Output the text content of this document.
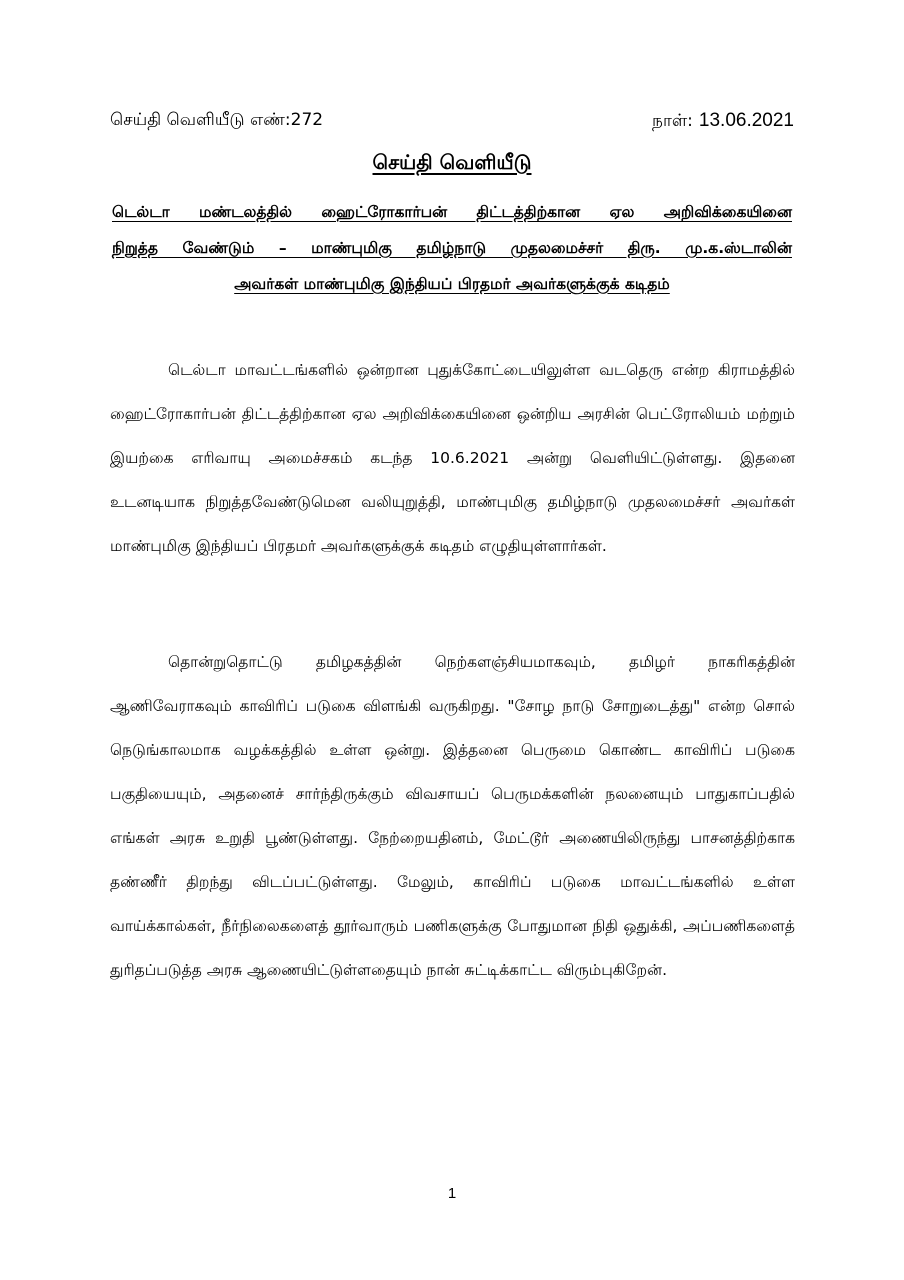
செய்தி வெளியீடு எண்:272	நாள்: 13.06.2021
செய்தி வெளியீடு
டெல்டா மண்டலத்தில் ஹைட்ரோகார்பன் திட்டத்திற்கான ஏல அறிவிக்கையினை
நிறுத்த வேண்டும் – மாண்புமிகு தமிழ்நாடு முதலமைச்சர் திரு. மு.க.ஸ்டாலின்
அவர்கள் மாண்புமிகு இந்தியப் பிரதமர் அவர்களுக்குக் கடிதம்

டெல்டா மாவட்டங்களில் ஒன்றான புதுக்கோட்டையிலுள்ள வடதெரு என்ற கிராமத்தில் ஹைட்ரோகார்பன் திட்டத்திற்கான ஏல அறிவிக்கையினை ஒன்றிய அரசின் பெட்ரோலியம் மற்றும் இயற்கை எரிவாயு அமைச்சகம் கடந்த 10.6.2021 அன்று வெளியிட்டுள்ளது. இதனை உடனடியாக நிறுத்தவேண்டுமென வலியுறுத்தி, மாண்புமிகு தமிழ்நாடு முதலமைச்சர் அவர்கள் மாண்புமிகு இந்தியப் பிரதமர் அவர்களுக்குக் கடிதம் எழுதியுள்ளார்கள்.

தொன்றுதொட்டு தமிழகத்தின் நெற்களஞ்சியமாகவும், தமிழர் நாகரிகத்தின் ஆணிவேராகவும் காவிரிப் படுகை விளங்கி வருகிறது. "சோழ நாடு சோறுடைத்து" என்ற சொல் நெடுங்காலமாக வழக்கத்தில் உள்ள ஒன்று. இத்தனை பெருமை கொண்ட காவிரிப் படுகை பகுதியையும், அதனைச் சார்ந்திருக்கும் விவசாயப் பெருமக்களின் நலனையும் பாதுகாப்பதில் எங்கள் அரசு உறுதி பூண்டுள்ளது. நேற்றையதினம், மேட்டூர் அணையிலிருந்து பாசனத்திற்காக தண்ணீர் திறந்து விடப்பட்டுள்ளது. மேலும், காவிரிப் படுகை மாவட்டங்களில் உள்ள வாய்க்கால்கள், நீர்நிலைகளைத் தூர்வாரும் பணிகளுக்கு போதுமான நிதி ஒதுக்கி, அப்பணிகளைத் துரிதப்படுத்த அரசு ஆணையிட்டுள்ளதையும் நான் சுட்டிக்காட்ட விரும்புகிறேன்.

1
